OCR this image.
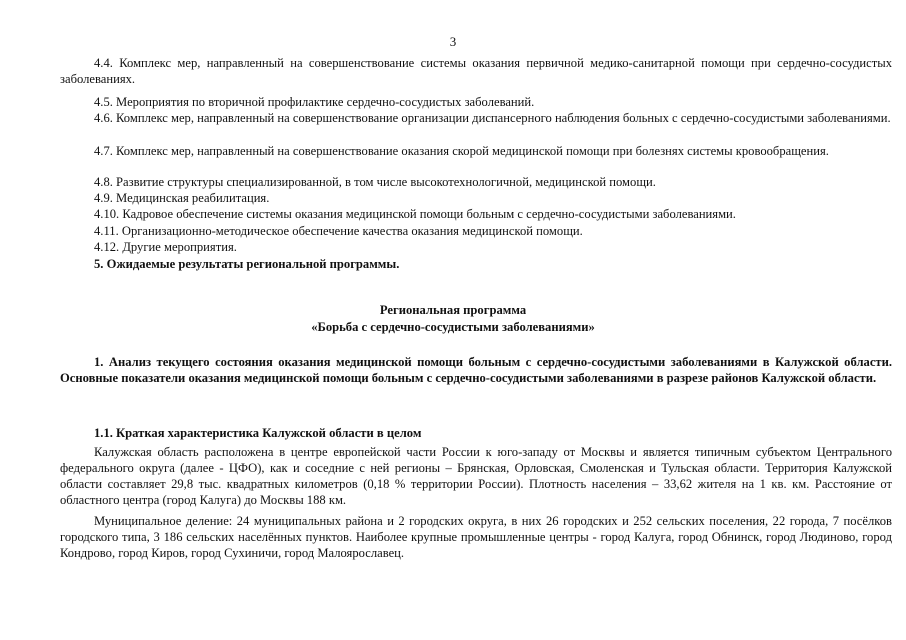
3
4.4. Комплекс мер, направленный на совершенствование системы оказания первичной медико-санитарной помощи при сердечно-сосудистых заболеваниях.
4.5. Мероприятия по вторичной профилактике сердечно-сосудистых заболеваний.
4.6. Комплекс мер, направленный на совершенствование организации диспансерного наблюдения больных с сердечно-сосудистыми заболеваниями.
4.7. Комплекс мер, направленный на совершенствование оказания скорой медицинской помощи при болезнях системы кровообращения.
4.8. Развитие структуры специализированной, в том числе высокотехнологичной, медицинской помощи.
4.9. Медицинская реабилитация.
4.10. Кадровое обеспечение системы оказания медицинской помощи больным с сердечно-сосудистыми заболеваниями.
4.11. Организационно-методическое обеспечение качества оказания медицинской помощи.
4.12. Другие мероприятия.
5. Ожидаемые результаты региональной программы.
Региональная программа
«Борьба с сердечно-сосудистыми заболеваниями»
1. Анализ текущего состояния оказания медицинской помощи больным с сердечно-сосудистыми заболеваниями в Калужской области. Основные показатели оказания медицинской помощи больным с сердечно-сосудистыми заболеваниями в разрезе районов Калужской области.
1.1. Краткая характеристика Калужской области в целом
Калужская область расположена в центре европейской части России к юго-западу от Москвы и является типичным субъектом Центрального федерального округа (далее - ЦФО), как и соседние с ней регионы – Брянская, Орловская, Смоленская и Тульская области. Территория Калужской области составляет 29,8 тыс. квадратных километров (0,18 % территории России). Плотность населения – 33,62 жителя на 1 кв. км. Расстояние от областного центра (город Калуга) до Москвы 188 км.
Муниципальное деление: 24 муниципальных района и 2 городских округа, в них 26 городских и 252 сельских поселения, 22 города, 7 посёлков городского типа, 3 186 сельских населённых пунктов. Наиболее крупные промышленные центры - город Калуга, город Обнинск, город Людиново, город Кондрово, город Киров, город Сухиничи, город Малоярославец.
